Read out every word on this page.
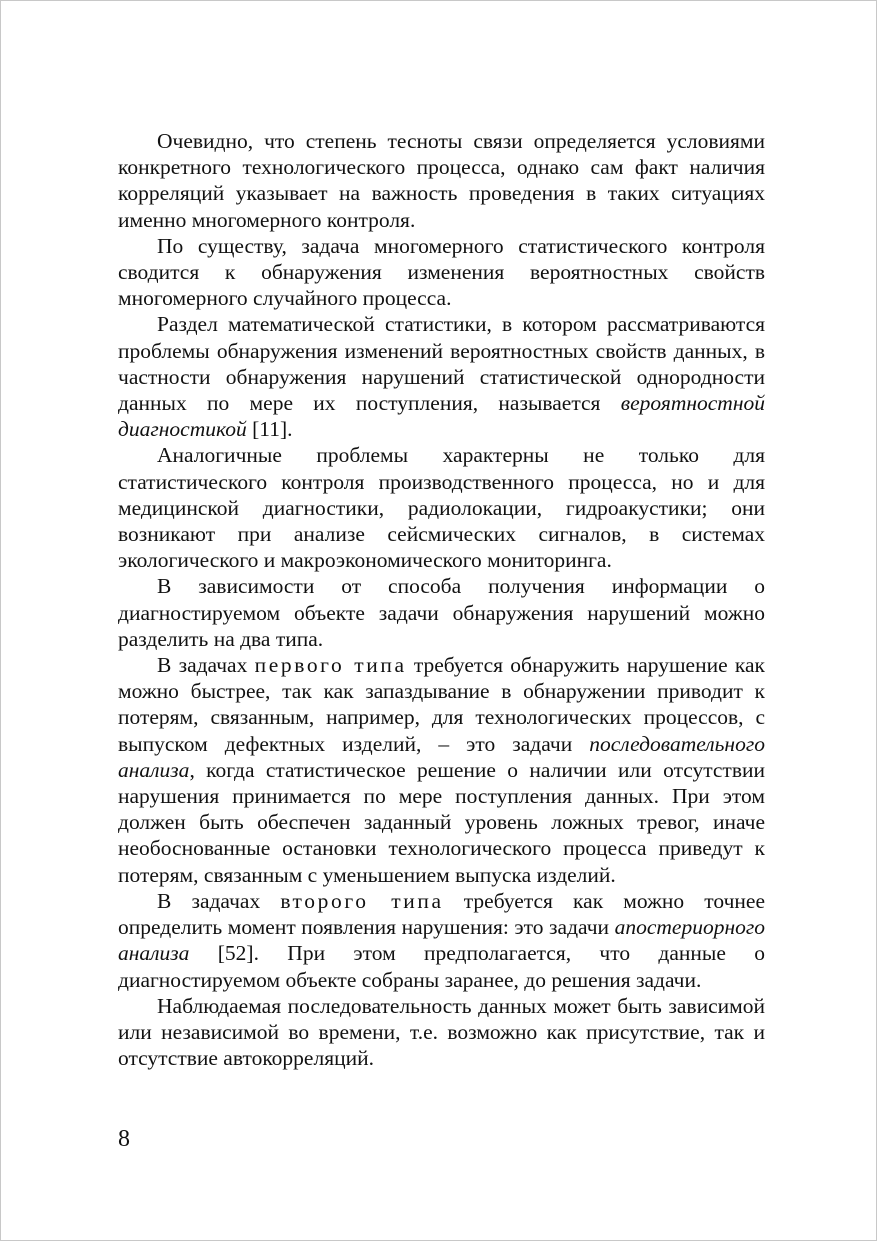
Очевидно, что степень тесноты связи определяется условиями конкретного технологического процесса, однако сам факт наличия корреляций указывает на важность проведения в таких ситуациях именно многомерного контроля.

По существу, задача многомерного статистического контроля сводится к обнаружения изменения вероятностных свойств многомерного случайного процесса.

Раздел математической статистики, в котором рассматриваются проблемы обнаружения изменений вероятностных свойств данных, в частности обнаружения нарушений статистической однородности данных по мере их поступления, называется вероятностной диагностикой [11].

Аналогичные проблемы характерны не только для статистического контроля производственного процесса, но и для медицинской диагностики, радиолокации, гидроакустики; они возникают при анализе сейсмических сигналов, в системах экологического и макроэкономического мониторинга.

В зависимости от способа получения информации о диагностируемом объекте задачи обнаружения нарушений можно разделить на два типа.

В задачах первого типа требуется обнаружить нарушение как можно быстрее, так как запаздывание в обнаружении приводит к потерям, связанным, например, для технологических процессов, с выпуском дефектных изделий, – это задачи последовательного анализа, когда статистическое решение о наличии или отсутствии нарушения принимается по мере поступления данных. При этом должен быть обеспечен заданный уровень ложных тревог, иначе необоснованные остановки технологического процесса приведут к потерям, связанным с уменьшением выпуска изделий.

В задачах второго типа требуется как можно точнее определить момент появления нарушения: это задачи апостериорного анализа [52]. При этом предполагается, что данные о диагностируемом объекте собраны заранее, до решения задачи.

Наблюдаемая последовательность данных может быть зависимой или независимой во времени, т.е. возможно как присутствие, так и отсутствие автокорреляций.

8
